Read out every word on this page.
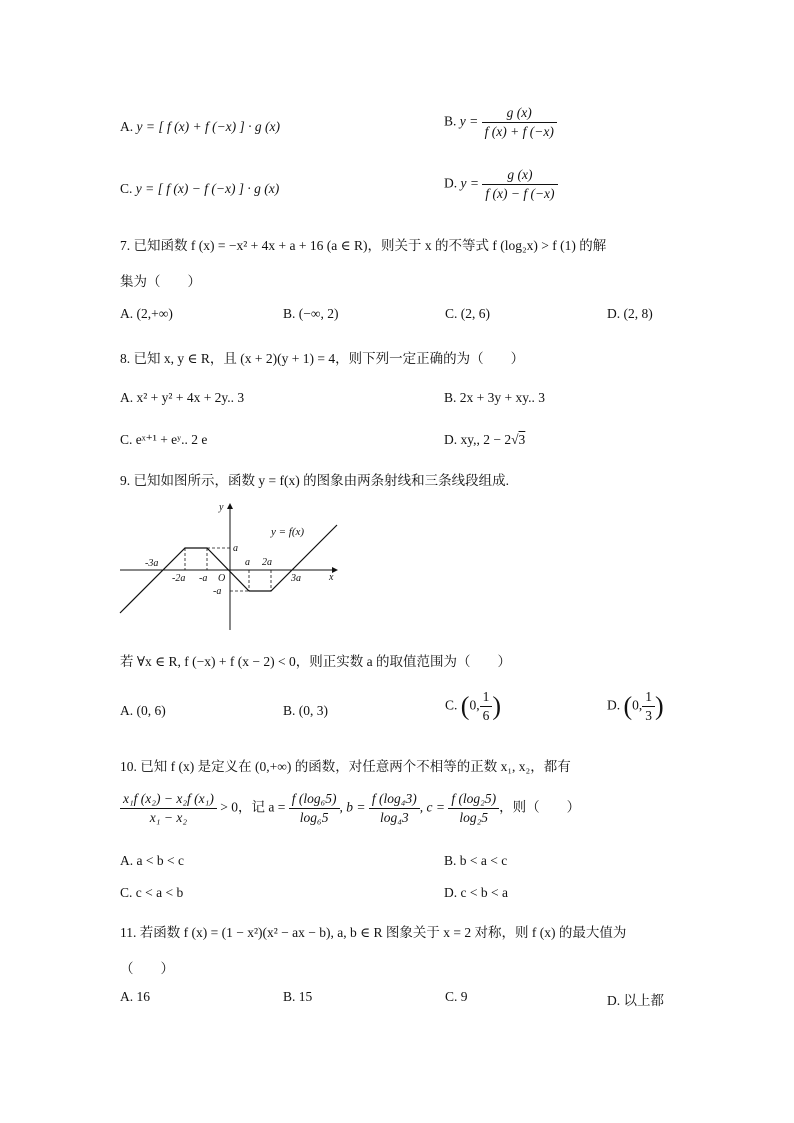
A. y = [ f (x) + f (−x) ] · g (x)	B. $y = \frac{g (x)}{f (x) + f (-x)}$
C. y = [ f (x) − f (−x) ] · g (x)	D. $y = \frac{g (x)}{f (x) - f (-x)}$
7. 已知函数 f (x) = −x² + 4x + a + 16 (a ∈ R)，则关于 x 的不等式 f (log₂x) > f (1) 的解
集为（　　）
A. (2,+∞)	B. (−∞, 2)	C. (2, 6)	D. (2, 8)
8. 已知 x, y ∈ R，且 (x + 2)(y + 1) = 4，则下列一定正确的为（　　）
A. x² + y² + 4x + 2y.. 3	B. 2x + 3y + xy.. 3
C. eˣ⁺¹ + eʸ.. 2 e	D. xy,, 2 − 2√3
9. 已知如图所示，函数 y = f(x) 的图象由两条射线和三条线段组成.
y = f(x)
x
y
O
-3a
-2a -a
a 2a
3a
a
-a
若 ∀x ∈ R, f (−x) + f (x − 2) < 0，则正实数 a 的取值范围为（　　）
A. (0, 6)	B. (0, 3)	C. (0, $\frac{1}{6}$ )	D. (0, $\frac{1}{3}$ )
10. 已知 f (x) 是定义在 (0,+∞) 的函数，对任意两个不相等的正数 x₁, x₂，都有
$\frac{\text{x₁f (x₂) − x₂f (x₁)}}{\text{x₁ − x₂}} > 0$，记 $a = \frac{\text{f (log₆5)}}{\text{log₆5}}$ , $b = \frac{\text{f (log₄3)}}{\text{log₄3}}$ , $c = \frac{\text{f (log₂5)}}{\text{log₂5}}$ ，则（　　）
A. a < b < c	B. b < a < c
C. c < a < b	D. c < b < a
11. 若函数 f (x) = (1 − x²)(x² − ax − b), a, b ∈ R 图象关于 x = 2 对称，则 f (x) 的最大值为
（　　）
A. 16	B. 15	C. 9	D. 以上都
